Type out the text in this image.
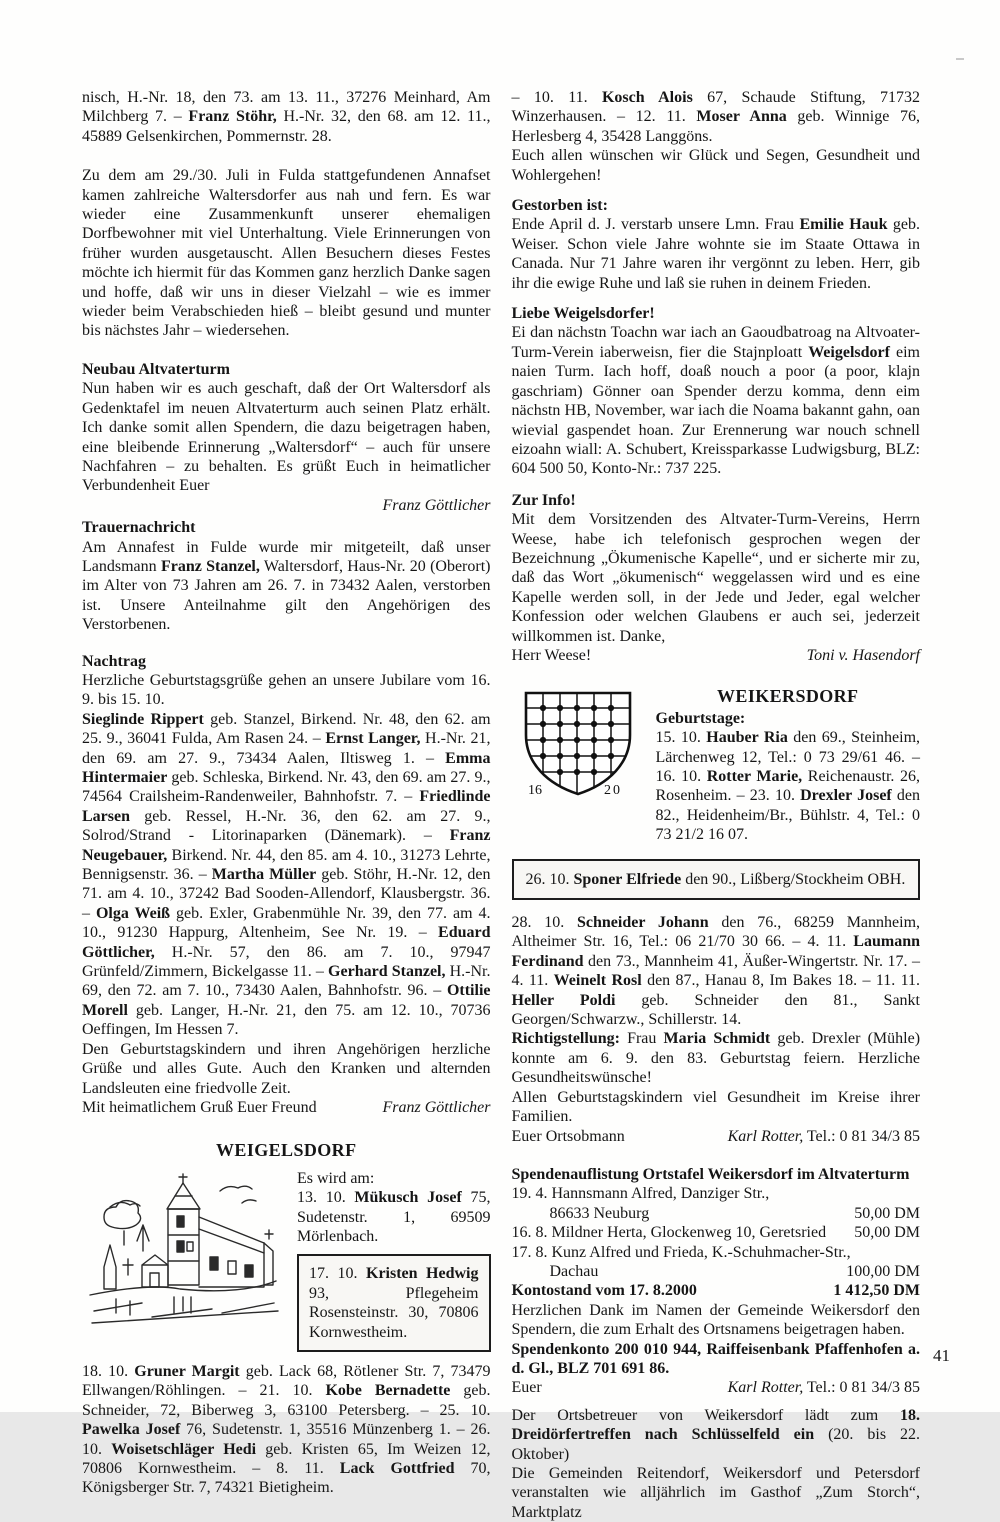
nisch, H.-Nr. 18, den 73. am 13. 11., 37276 Meinhard, Am Milchberg 7. – Franz Stöhr, H.-Nr. 32, den 68. am 12. 11., 45889 Gelsenkirchen, Pommernstr. 28.
Zu dem am 29./30. Juli in Fulda stattgefundenen Annafset kamen zahlreiche Waltersdorfer aus nah und fern. Es war wieder eine Zusammenkunft unserer ehemaligen Dorfbewohner mit viel Unterhaltung. Viele Erinnerungen von früher wurden ausgetauscht. Allen Besuchern dieses Festes möchte ich hiermit für das Kommen ganz herzlich Danke sagen und hoffe, daß wir uns in dieser Vielzahl – wie es immer wieder beim Verabschieden hieß – bleibt gesund und munter bis nächstes Jahr – wiedersehen.
Neubau Altvaterturm
Nun haben wir es auch geschaft, daß der Ort Waltersdorf als Gedenktafel im neuen Altvaterturm auch seinen Platz erhält. Ich danke somit allen Spendern, die dazu beigetragen haben, eine bleibende Erinnerung „Waltersdorf“ – auch für unsere Nachfahren – zu behalten. Es grüßt Euch in heimatlicher Verbundenheit Euer
Franz Göttlicher
Trauernachricht
Am Annafest in Fulde wurde mir mitgeteilt, daß unser Landsmann Franz Stanzel, Waltersdorf, Haus-Nr. 20 (Oberort) im Alter von 73 Jahren am 26. 7. in 73432 Aalen, verstorben ist. Unsere Anteilnahme gilt den Angehörigen des Verstorbenen.
Nachtrag
Herzliche Geburtstagsgrüße gehen an unsere Jubilare vom 16. 9. bis 15. 10.
Sieglinde Rippert geb. Stanzel, Birkend. Nr. 48, den 62. am 25. 9., 36041 Fulda, Am Rasen 24. – Ernst Langer, H.-Nr. 21, den 69. am 27. 9., 73434 Aalen, Iltisweg 1. – Emma Hintermaier geb. Schleska, Birkend. Nr. 43, den 69. am 27. 9., 74564 Crailsheim-Randenweiler, Bahnhofstr. 7. – Friedlinde Larsen geb. Ressel, H.-Nr. 36, den 62. am 27. 9., Solrod/Strand - Litorinaparken (Dänemark). – Franz Neugebauer, Birkend. Nr. 44, den 85. am 4. 10., 31273 Lehrte, Bennigsenstr. 36. – Martha Müller geb. Stöhr, H.-Nr. 12, den 71. am 4. 10., 37242 Bad Sooden-Allendorf, Klausbergstr. 36. – Olga Weiß geb. Exler, Grabenmühle Nr. 39, den 77. am 4. 10., 91230 Happurg, Altenheim, See Nr. 19. – Eduard Göttlicher, H.-Nr. 57, den 86. am 7. 10., 97947 Grünfeld/Zimmern, Bickelgasse 11. – Gerhard Stanzel, H.-Nr. 69, den 72. am 7. 10., 73430 Aalen, Bahnhofstr. 96. – Ottilie Morell geb. Langer, H.-Nr. 21, den 75. am 12. 10., 70736 Oeffingen, Im Hessen 7.
Den Geburtstagskindern und ihren Angehörigen herzliche Grüße und alles Gute. Auch den Kranken und alternden Landsleuten eine friedvolle Zeit.
Mit heimatlichem Gruß Euer Freund	Franz Göttlicher
WEIGELSDORF
Es wird am:
13. 10. Mükusch Josef 75, Sudetenstr. 1, 69509 Mörlenbach.
17. 10. Kristen Hedwig 93, Pflegeheim Rosensteinstr. 30, 70806 Kornwestheim.
18. 10. Gruner Margit geb. Lack 68, Rötlener Str. 7, 73479 Ellwangen/Röhlingen. – 21. 10. Kobe Bernadette geb. Schneider, 72, Biberweg 3, 63100 Petersberg. – 25. 10. Pawelka Josef 76, Sudetenstr. 1, 35516 Münzenberg 1. – 26. 10. Woisetschläger Hedi geb. Kristen 65, Im Weizen 12, 70806 Kornwestheim. – 8. 11. Lack Gottfried 70, Königsberger Str. 7, 74321 Bietigheim.
– 10. 11. Kosch Alois 67, Schaude Stiftung, 71732 Winzerhausen. – 12. 11. Moser Anna geb. Winnige 76, Herlesberg 4, 35428 Langgöns.
Euch allen wünschen wir Glück und Segen, Gesundheit und Wohlergehen!
Gestorben ist:
Ende April d. J. verstarb unsere Lmn. Frau Emilie Hauk geb. Weiser. Schon viele Jahre wohnte sie im Staate Ottawa in Canada. Nur 71 Jahre waren ihr vergönnt zu leben. Herr, gib ihr die ewige Ruhe und laß sie ruhen in deinem Frieden.
Liebe Weigelsdorfer!
Ei dan nächstn Toachn war iach an Gaoudbatroag na Altvoater-Turm-Verein iaberweisn, fier die Stajnploatt Weigelsdorf eim naien Turm. Iach hoff, doaß nouch a poor (a poor, klajn gaschriam) Gönner oan Spender derzu komma, denn eim nächstn HB, November, war iach die Noama bakannt gahn, oan wievial gaspendet hoan. Zur Erennerung war nouch schnell eizoahn wiall: A. Schubert, Kreissparkasse Ludwigsburg, BLZ: 604 500 50, Konto-Nr.: 737 225.
Zur Info!
Mit dem Vorsitzenden des Altvater-Turm-Vereins, Herrn Weese, habe ich telefonisch gesprochen wegen der Bezeichnung „Ökumenische Kapelle“, und er sicherte mir zu, daß das Wort „ökumenisch“ weggelassen wird und es eine Kapelle werden soll, in der Jede und Jeder, egal welcher Konfession oder welchen Glaubens er auch sei, jederzeit willkommen ist. Danke,
Herr Weese!	Toni v. Hasendorf
16	20
WEIKERSDORF
Geburtstage:
15. 10. Hauber Ria den 69., Steinheim, Lärchenweg 12, Tel.: 0 73 29/61 46. – 16. 10. Rotter Marie, Reichenaustr. 26, Rosenheim. – 23. 10. Drexler Josef den 82., Heidenheim/Br., Bühlstr. 4, Tel.: 0 73 21/2 16 07.
26. 10. Sponer Elfriede den 90., Lißberg/Stockheim OBH.
28. 10. Schneider Johann den 76., 68259 Mannheim, Altheimer Str. 16, Tel.: 06 21/70 30 66. – 4. 11. Laumann Ferdinand den 73., Mannheim 41, Äußer-Wingertstr. Nr. 17. – 4. 11. Weinelt Rosl den 87., Hanau 8, Im Bakes 18. – 11. 11. Heller Poldi geb. Schneider den 81., Sankt Georgen/Schwarzw., Schillerstr. 14.
Richtigstellung: Frau Maria Schmidt geb. Drexler (Mühle) konnte am 6. 9. den 83. Geburtstag feiern. Herzliche Gesundheitswünsche!
Allen Geburtstagskindern viel Gesundheit im Kreise ihrer Familien.
Euer Ortsobmann	Karl Rotter, Tel.: 0 81 34/3 85
Spendenauflistung Ortstafel Weikersdorf im Altvaterturm
19. 4. Hannsmann Alfred, Danziger Str.,
86633 Neuburg	50,00 DM
16. 8. Mildner Herta, Glockenweg 10, Geretsried	50,00 DM
17. 8. Kunz Alfred und Frieda, K.-Schuhmacher-Str.,
Dachau	100,00 DM
Kontostand vom 17. 8.2000	1 412,50 DM
Herzlichen Dank im Namen der Gemeinde Weikersdorf den Spendern, die zum Erhalt des Ortsnamens beigetragen haben.
Spendenkonto 200 010 944, Raiffeisenbank Pfaffenhofen a. d. Gl., BLZ 701 691 86.
Euer	Karl Rotter, Tel.: 0 81 34/3 85
Der Ortsbetreuer von Weikersdorf lädt zum 18. Dreidörfertreffen nach Schlüsselfeld ein (20. bis 22. Oktober)
Die Gemeinden Reitendorf, Weikersdorf und Petersdorf veranstalten wie alljährlich im Gasthof „Zum Storch“, Marktplatz
41
